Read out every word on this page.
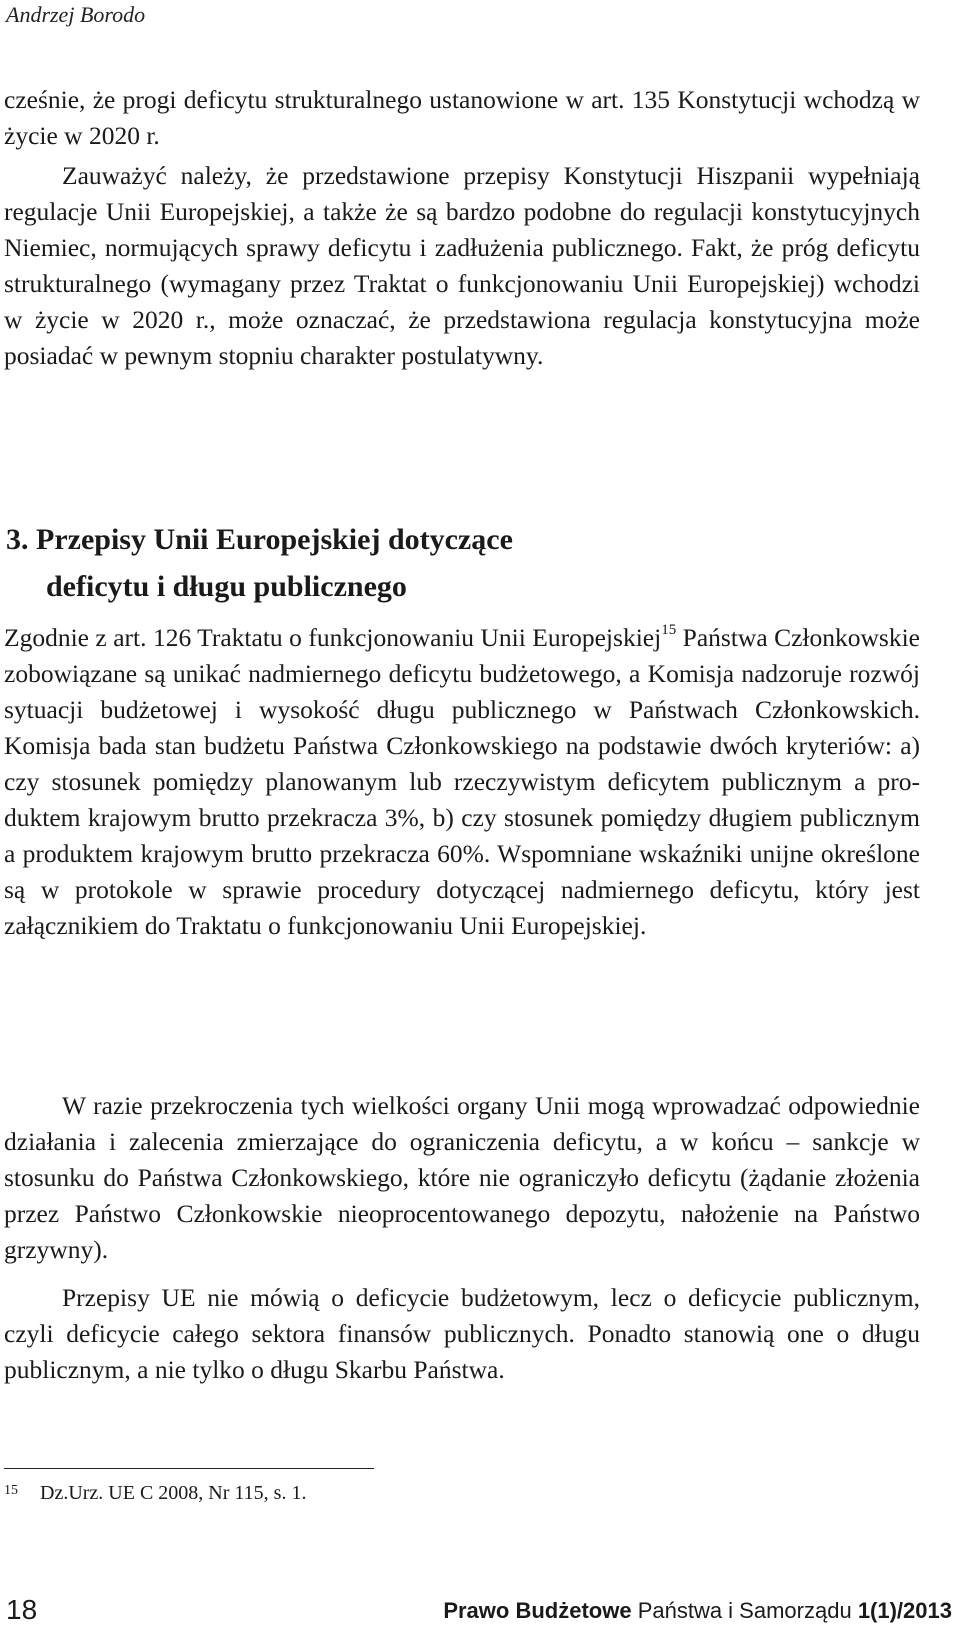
Andrzej Borodo

cześnie, że progi deficytu strukturalnego ustanowione w art. 135 Konstytucji wchodzą w życie w 2020 r.

Zauważyć należy, że przedstawione przepisy Konstytucji Hiszpanii wypełniają regulacje Unii Europejskiej, a także że są bardzo podobne do regulacji konstytucyjnych Niemiec, normujących sprawy deficytu i zadłużenia publicznego. Fakt, że próg deficytu strukturalnego (wymagany przez Traktat o funkcjonowaniu Unii Europejskiej) wchodzi w życie w 2020 r., może oznaczać, że przedstawiona regulacja konstytucyjna może posiadać w pewnym stopniu charakter postulatywny.

3. Przepisy Unii Europejskiej dotyczące
deficytu i długu publicznego

Zgodnie z art. 126 Traktatu o funkcjonowaniu Unii Europejskiej$^{15}$ Państwa Członkowskie zobowiązane są unikać nadmiernego deficytu budżetowego, a Komisja nadzoruje rozwój sytuacji budżetowej i wysokość długu publicznego w Państwach Członkowskich. Komisja bada stan budżetu Państwa Członkowskiego na podstawie dwóch kryteriów: a) czy stosunek pomiędzy planowanym lub rzeczywistym deficytem publicznym a produktem krajowym brutto przekracza 3%, b) czy stosunek pomiędzy długiem publicznym a produktem krajowym brutto przekracza 60%. Wspomniane wskaźniki unijne określone są w protokole w sprawie procedury dotyczącej nadmiernego deficytu, który jest załącznikiem do Traktatu o funkcjonowaniu Unii Europejskiej.

W razie przekroczenia tych wielkości organy Unii mogą wprowadzać odpowiednie działania i zalecenia zmierzające do ograniczenia deficytu, a w końcu – sankcje w stosunku do Państwa Członkowskiego, które nie ograniczyło deficytu (żądanie złożenia przez Państwo Członkowskie nieoprocentowanego depozytu, nałożenie na Państwo grzywny).

Przepisy UE nie mówią o deficycie budżetowym, lecz o deficycie publicznym, czyli deficycie całego sektora finansów publicznych. Ponadto stanowią one o długu publicznym, a nie tylko o długu Skarbu Państwa.

15 Dz.Urz. UE C 2008, Nr 115, s. 1.
18	Prawo Budżetowe Państwa i Samorządu 1(1)/2013
